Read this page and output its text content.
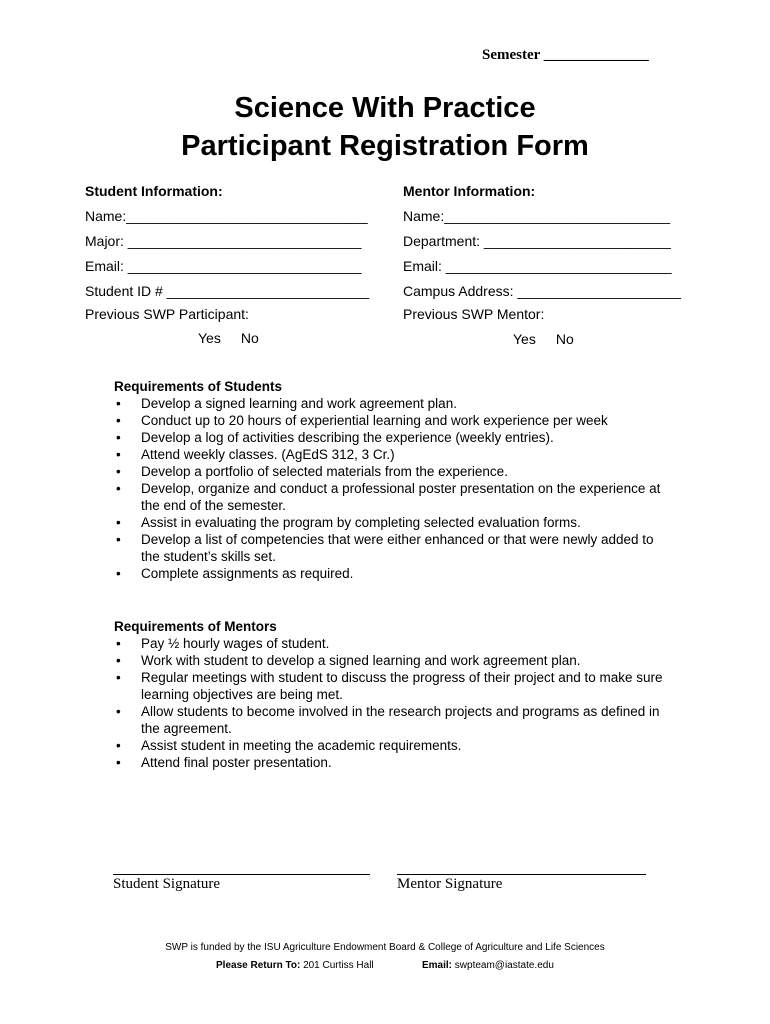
Semester ______________
Science With Practice
Participant Registration Form
Student Information:
Name:_______________________________
Major: ______________________________
Email: ______________________________
Student ID # __________________________
Previous SWP Participant:
Yes No
Mentor Information:
Name:_____________________________
Department: ________________________
Email: _____________________________
Campus Address: _____________________
Previous SWP Mentor:
Yes No
Requirements of Students
• Develop a signed learning and work agreement plan.
• Conduct up to 20 hours of experiential learning and work experience per week
• Develop a log of activities describing the experience (weekly entries).
• Attend weekly classes. (AgEdS 312, 3 Cr.)
• Develop a portfolio of selected materials from the experience.
• Develop, organize and conduct a professional poster presentation on the experience at the end of the semester.
• Assist in evaluating the program by completing selected evaluation forms.
• Develop a list of competencies that were either enhanced or that were newly added to the student’s skills set.
• Complete assignments as required.
Requirements of Mentors
• Pay ½ hourly wages of student.
• Work with student to develop a signed learning and work agreement plan.
• Regular meetings with student to discuss the progress of their project and to make sure learning objectives are being met.
• Allow students to become involved in the research projects and programs as defined in the agreement.
• Assist student in meeting the academic requirements.
• Attend final poster presentation.
Student Signature	Mentor Signature
SWP is funded by the ISU Agriculture Endowment Board & College of Agriculture and Life Sciences
Please Return To: 201 Curtiss Hall	Email: swpteam@iastate.edu
